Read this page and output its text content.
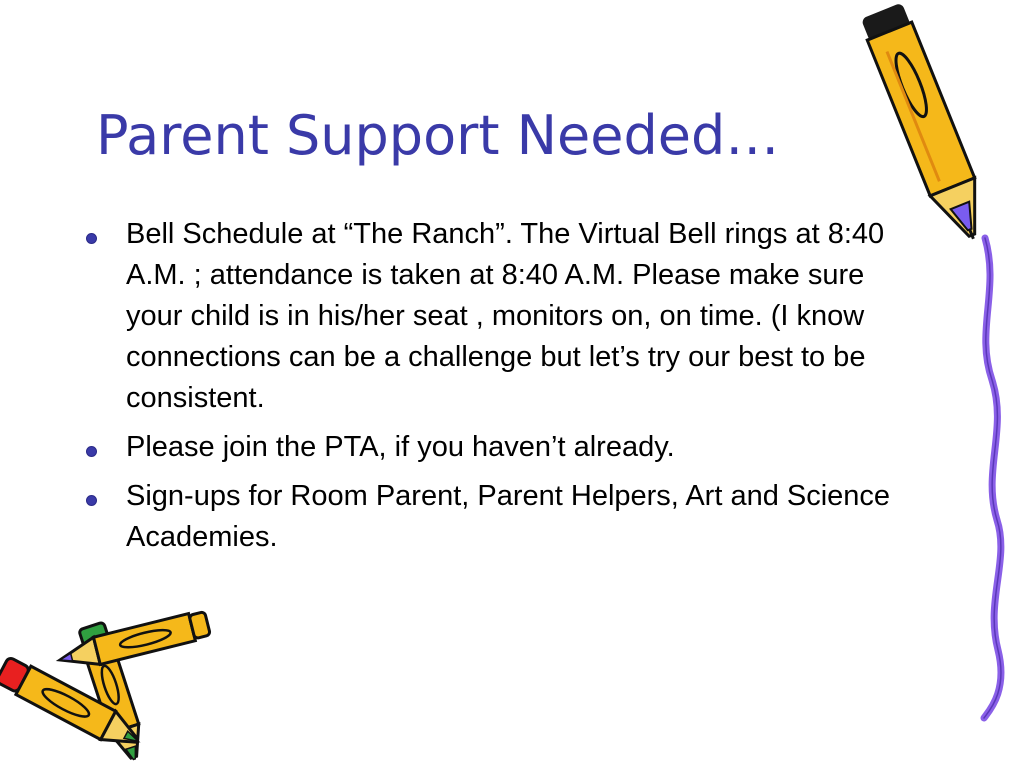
Parent Support Needed…
Bell Schedule at “The Ranch”. The Virtual Bell rings at 8:40 A.M. ; attendance is taken at 8:40 A.M. Please make sure your child is in his/her seat , monitors on, on time. (I know connections can be a challenge but let’s try our best to be consistent.
Please join the PTA, if you haven’t already.
Sign-ups for Room Parent, Parent Helpers, Art and Science Academies.
